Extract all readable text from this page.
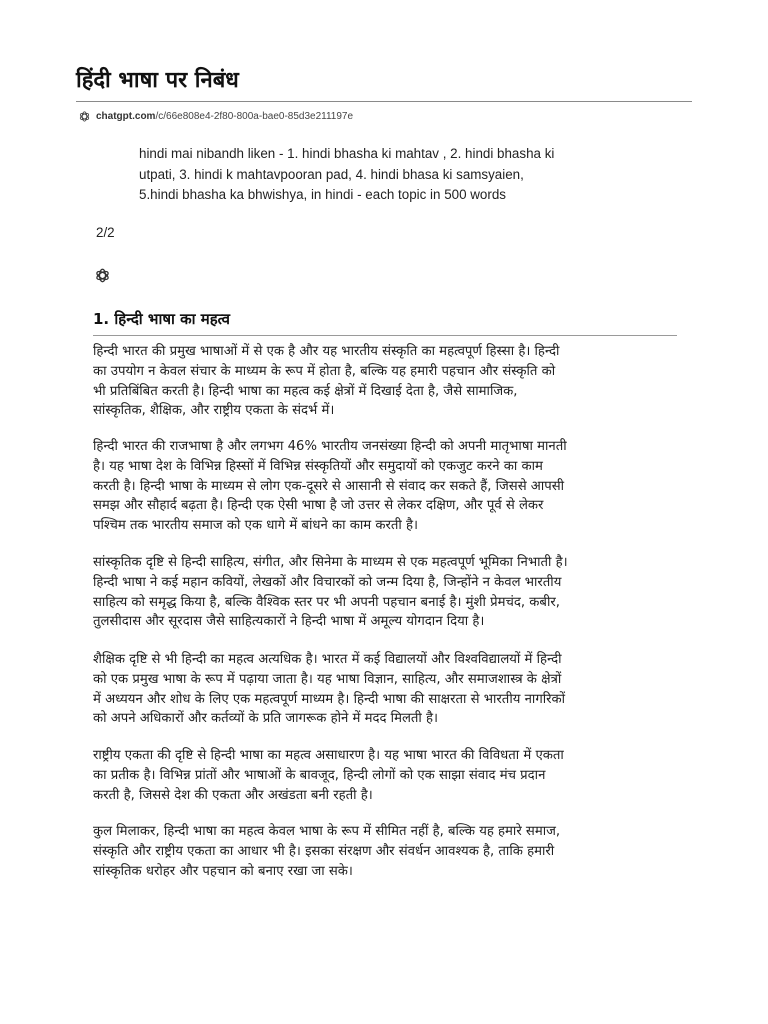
हिंदी भाषा पर निबंध
chatgpt.com /c/66e808e4-2f80-800a-bae0-85d3e211197e
hindi mai nibandh liken - 1. hindi bhasha ki mahtav , 2. hindi bhasha ki
utpati, 3. hindi k mahtavpooran pad, 4. hindi bhasa ki samsyaien,
5.hindi bhasha ka bhwishya, in hindi - each topic in 500 words
2/2
1. हिन्दी भाषा का महत्व
हिन्दी भारत की प्रमुख भाषाओं में से एक है और यह भारतीय संस्कृति का महत्वपूर्ण हिस्सा है। हिन्दी
का उपयोग न केवल संचार के माध्यम के रूप में होता है, बल्कि यह हमारी पहचान और संस्कृति को
भी प्रतिबिंबित करती है। हिन्दी भाषा का महत्व कई क्षेत्रों में दिखाई देता है, जैसे सामाजिक,
सांस्कृतिक, शैक्षिक, और राष्ट्रीय एकता के संदर्भ में।
हिन्दी भारत की राजभाषा है और लगभग 46% भारतीय जनसंख्या हिन्दी को अपनी मातृभाषा मानती
है। यह भाषा देश के विभिन्न हिस्सों में विभिन्न संस्कृतियों और समुदायों को एकजुट करने का काम
करती है। हिन्दी भाषा के माध्यम से लोग एक-दूसरे से आसानी से संवाद कर सकते हैं, जिससे आपसी
समझ और सौहार्द बढ़ता है। हिन्दी एक ऐसी भाषा है जो उत्तर से लेकर दक्षिण, और पूर्व से लेकर
पश्चिम तक भारतीय समाज को एक धागे में बांधने का काम करती है।
सांस्कृतिक दृष्टि से हिन्दी साहित्य, संगीत, और सिनेमा के माध्यम से एक महत्वपूर्ण भूमिका निभाती है।
हिन्दी भाषा ने कई महान कवियों, लेखकों और विचारकों को जन्म दिया है, जिन्होंने न केवल भारतीय
साहित्य को समृद्ध किया है, बल्कि वैश्विक स्तर पर भी अपनी पहचान बनाई है। मुंशी प्रेमचंद, कबीर,
तुलसीदास और सूरदास जैसे साहित्यकारों ने हिन्दी भाषा में अमूल्य योगदान दिया है।
शैक्षिक दृष्टि से भी हिन्दी का महत्व अत्यधिक है। भारत में कई विद्यालयों और विश्वविद्यालयों में हिन्दी
को एक प्रमुख भाषा के रूप में पढ़ाया जाता है। यह भाषा विज्ञान, साहित्य, और समाजशास्त्र के क्षेत्रों
में अध्ययन और शोध के लिए एक महत्वपूर्ण माध्यम है। हिन्दी भाषा की साक्षरता से भारतीय नागरिकों
को अपने अधिकारों और कर्तव्यों के प्रति जागरूक होने में मदद मिलती है।
राष्ट्रीय एकता की दृष्टि से हिन्दी भाषा का महत्व असाधारण है। यह भाषा भारत की विविधता में एकता
का प्रतीक है। विभिन्न प्रांतों और भाषाओं के बावजूद, हिन्दी लोगों को एक साझा संवाद मंच प्रदान
करती है, जिससे देश की एकता और अखंडता बनी रहती है।
कुल मिलाकर, हिन्दी भाषा का महत्व केवल भाषा के रूप में सीमित नहीं है, बल्कि यह हमारे समाज,
संस्कृति और राष्ट्रीय एकता का आधार भी है। इसका संरक्षण और संवर्धन आवश्यक है, ताकि हमारी
सांस्कृतिक धरोहर और पहचान को बनाए रखा जा सके।
